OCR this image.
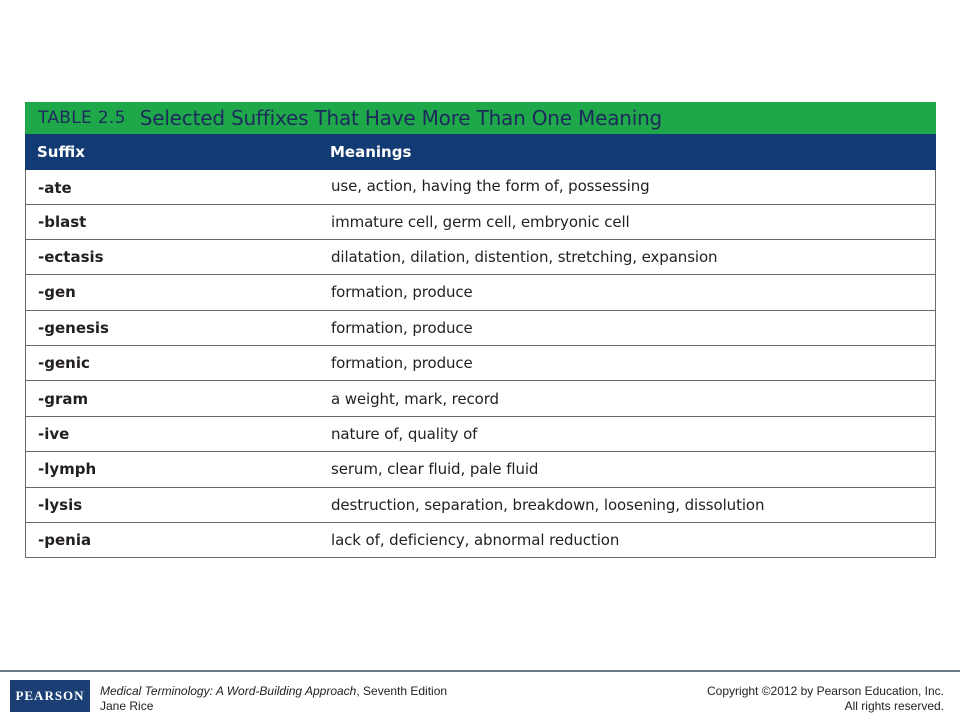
TABLE 2.5 Selected Suffixes That Have More Than One Meaning
Suffix	Meanings
-ate	use, action, having the form of, possessing
-blast	immature cell, germ cell, embryonic cell
-ectasis	dilatation, dilation, distention, stretching, expansion
-gen	formation, produce
-genesis	formation, produce
-genic	formation, produce
-gram	a weight, mark, record
-ive	nature of, quality of
-lymph	serum, clear fluid, pale fluid
-lysis	destruction, separation, breakdown, loosening, dissolution
-penia	lack of, deficiency, abnormal reduction
PEARSON Medical Terminology: A Word-Building Approach, Seventh Edition
Jane Rice
Copyright ©2012 by Pearson Education, Inc.
All rights reserved.
